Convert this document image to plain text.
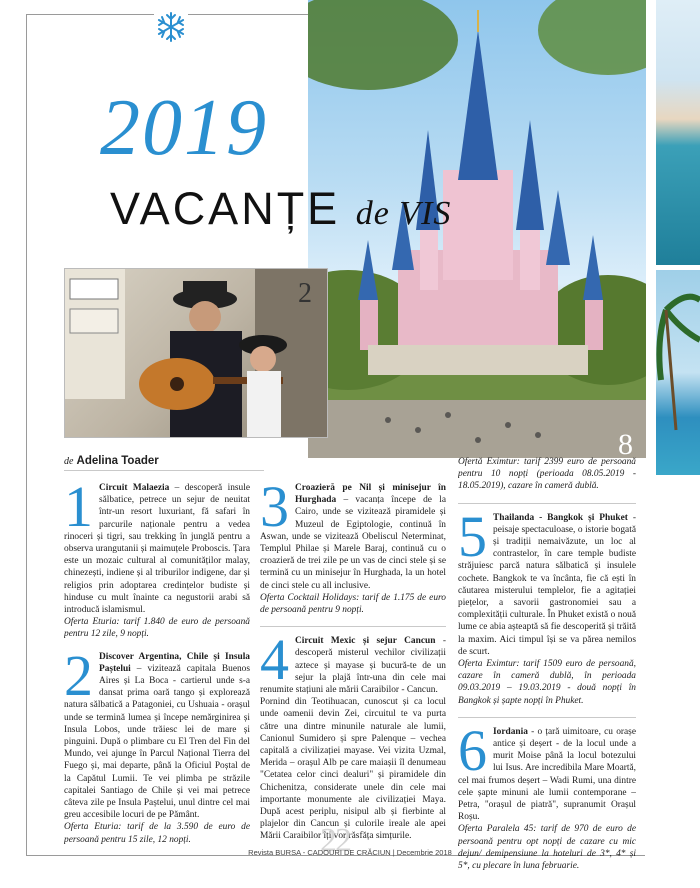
2019
VACANȚE de VIS
2
8
de Adelina Toader
1 Circuit Malaezia – descoperă insule sălbatice, petrece un sejur de neuitat într-un resort luxuriant, fă safari în parcurile naționale pentru a vedea rinoceri și tigri, sau trekking în junglă pentru a observa urangutanii și maimuțele Proboscis. Țara este un mozaic cultural al comunităților malay, chinezești, indiene și al triburilor indigene, dar și religios prin adoptarea credințelor budiste și hinduse cu mult înainte ca negustorii arabi să introducă islamismul.

Oferta Eturia: tarif 1.840 de euro de persoană pentru 12 zile, 9 nopți.

2 Discover Argentina, Chile și Insula Paștelui – vizitează capitala Buenos Aires și La Boca - cartierul unde s-a dansat prima oară tango și explorează natura sălbatică a Patagoniei, cu Ushuaia - orașul unde se termină lumea și începe nemărginirea și Insula Lobos, unde trăiesc lei de mare și pinguini. După o plimbare cu El Tren del Fin del Mundo, vei ajunge în Parcul Național Tierra del Fuego și, mai departe, până la Oficiul Poștal de la Capătul Lumii. Te vei plimba pe străzile capitalei Santiago de Chile și vei mai petrece câteva zile pe Insula Paștelui, unul dintre cel mai greu accesibile locuri de pe Pământ.

Oferta Eturia: tarif de la 3.590 de euro de persoană pentru 15 zile, 12 nopți.

3 Croazieră pe Nil și minisejur în Hurghada – vacanța începe de la Cairo, unde se vizitează piramidele și Muzeul de Egiptologie, continuă în Aswan, unde se vizitează Obeliscul Neterminat, Templul Philae și Marele Baraj, continuă cu o croazieră de trei zile pe un vas de cinci stele și se termină cu un minisejur în Hurghada, la un hotel de cinci stele cu all inclusive.

Oferta Cocktail Holidays: tarif de 1.175 de euro de persoană pentru 9 nopți.

4 Circuit Mexic și sejur Cancun - descoperă misterul vechilor civilizații aztece și mayase și bucură-te de un sejur la plajă într-una din cele mai renumite stațiuni ale mării Caraibilor - Cancun.

Pornind din Teotihuacan, cunoscut și ca locul unde oamenii devin Zei, circuitul te va purta către una dintre minunile naturale ale lumii, Canionul Sumidero și spre Palenque – vechea capitală a civilizației mayase. Vei vizita Uzmal, Merida – orașul Alb pe care maiașii îl denumeau "Cetatea celor cinci dealuri" și piramidele din Chichenitza, considerate unele din cele mai importante monumente ale civilizației Maya. După acest periplu, nisipul alb și fierbinte al plajelor din Cancun și culorile ireale ale apei Mării Caraibilor îți vor răsfăța simțurile.

Ofertă Eximtur: tarif 2399 euro de persoană pentru 10 nopți (perioada 08.05.2019 - 18.05.2019), cazare în cameră dublă.

5 Thailanda - Bangkok și Phuket - peisaje spectaculoase, o istorie bogată și tradiții nemaivăzute, un loc al contrastelor, în care temple budiste străjuiesc parcă natura sălbatică și insulele cochete. Bangkok te va încânta, fie că ești în căutarea misterului templelor, fie a agitației piețelor, a savorii gastronomiei sau a complexității culturale. În Phuket există o nouă lume ce abia așteaptă să fie descoperită și trăită la maxim. Aici timpul își se va părea nemilos de scurt.

Oferta Eximtur: tarif 1509 euro de persoană, cazare în cameră dublă, în perioada 09.03.2019 – 19.03.2019 - două nopți în Bangkok și șapte nopți în Phuket.

6 Iordania - o țară uimitoare, cu orașe antice și deșert - de la locul unde a murit Moise până la locul botezului lui Isus. Are incredibila Mare Moartă, cel mai frumos deșert – Wadi Rumi, una dintre cele șapte minuni ale lumii contemporane – Petra, "orașul de piatră", supranumit Orașul Roșu.

Oferta Paralela 45: tarif de 970 de euro de persoană pentru opt nopți de cazare cu mic dejun/ demipensiune la hoteluri de 3*, 4* și 5*, cu plecare în luna februarie.

22
Revista BURSA - CADOURI DE CRĂCIUN | Decembrie 2018
